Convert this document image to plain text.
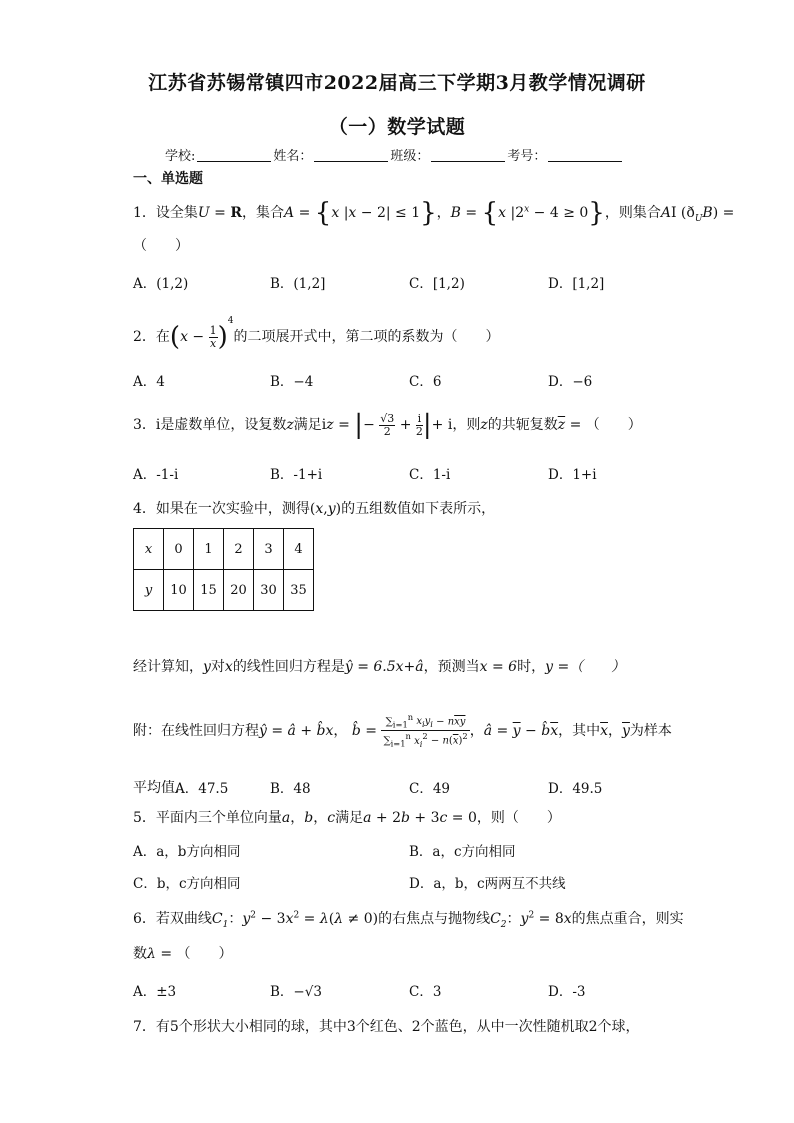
江苏省苏锡常镇四市2022届高三下学期3月教学情况调研
（一）数学试题
学校:	姓名：	班级：	考号：
一、单选题
1．设全集U = R，集合A = {x |x − 2| ≤ 1}，B = {x $|2^x - 4 \ge 0$}，则集合AI $(ð_UB)$ =
（　　）
A．(1,2)	B．(1,2]	C．[1,2)	D．[1,2]
2．在$(x - \frac{1}{x} )^4$的二项展开式中，第二项的系数为（　　）
A．4	B．−4	C．6	D．−6
3．i是虚数单位，设复数z满足iz = |− $\frac{√3}{2} + \frac{i}{2}$ |+ i，则z的共轭复数$\overline{z}$ = （　　）
A．-1-i	B．-1+i	C．1-i	D．1+i
4．如果在一次实验中，测得(x,y)的五组数值如下表所示，
x	0	1	2	3	4
y	10	15	20	30	35
经计算知，y对x的线性回归方程是ŷ = 6.5x+â，预测当x = 6时，y =（　　）
附：在线性回归方程ŷ = â + b̂x， b̂ =
$\sum_{i=1}^n$ $x_iy_i - n\overline{xy}$
$\sum_{i=1}^n$ $x_i^2 - n(\overline{x})^2$ ，â = $\overline{y}$ − $b̂\overline{x}$，其中$\overline{x}$，$\overline{y}$为样本
平均值.
A．47.5	B．48	C．49	D．49.5
5．平面内三个单位向量a，b，c满足a + 2b + 3c = 0，则（　　）
A．a，b方向相同	B．a，c方向相同
C．b，c方向相同	D．a，b，c两两互不共线
6．若双曲线$C_1$：$y^2 - 3x^2 = \lambda(\lambda \ne 0)$的右焦点与抛物线$C_2$：$y^2 = 8x$的焦点重合，则实
数λ = （　　）
A．±3	B．−√3	C．3	D．-3
7．有5个形状大小相同的球，其中3个红色、2个蓝色，从中一次性随机取2个球，
